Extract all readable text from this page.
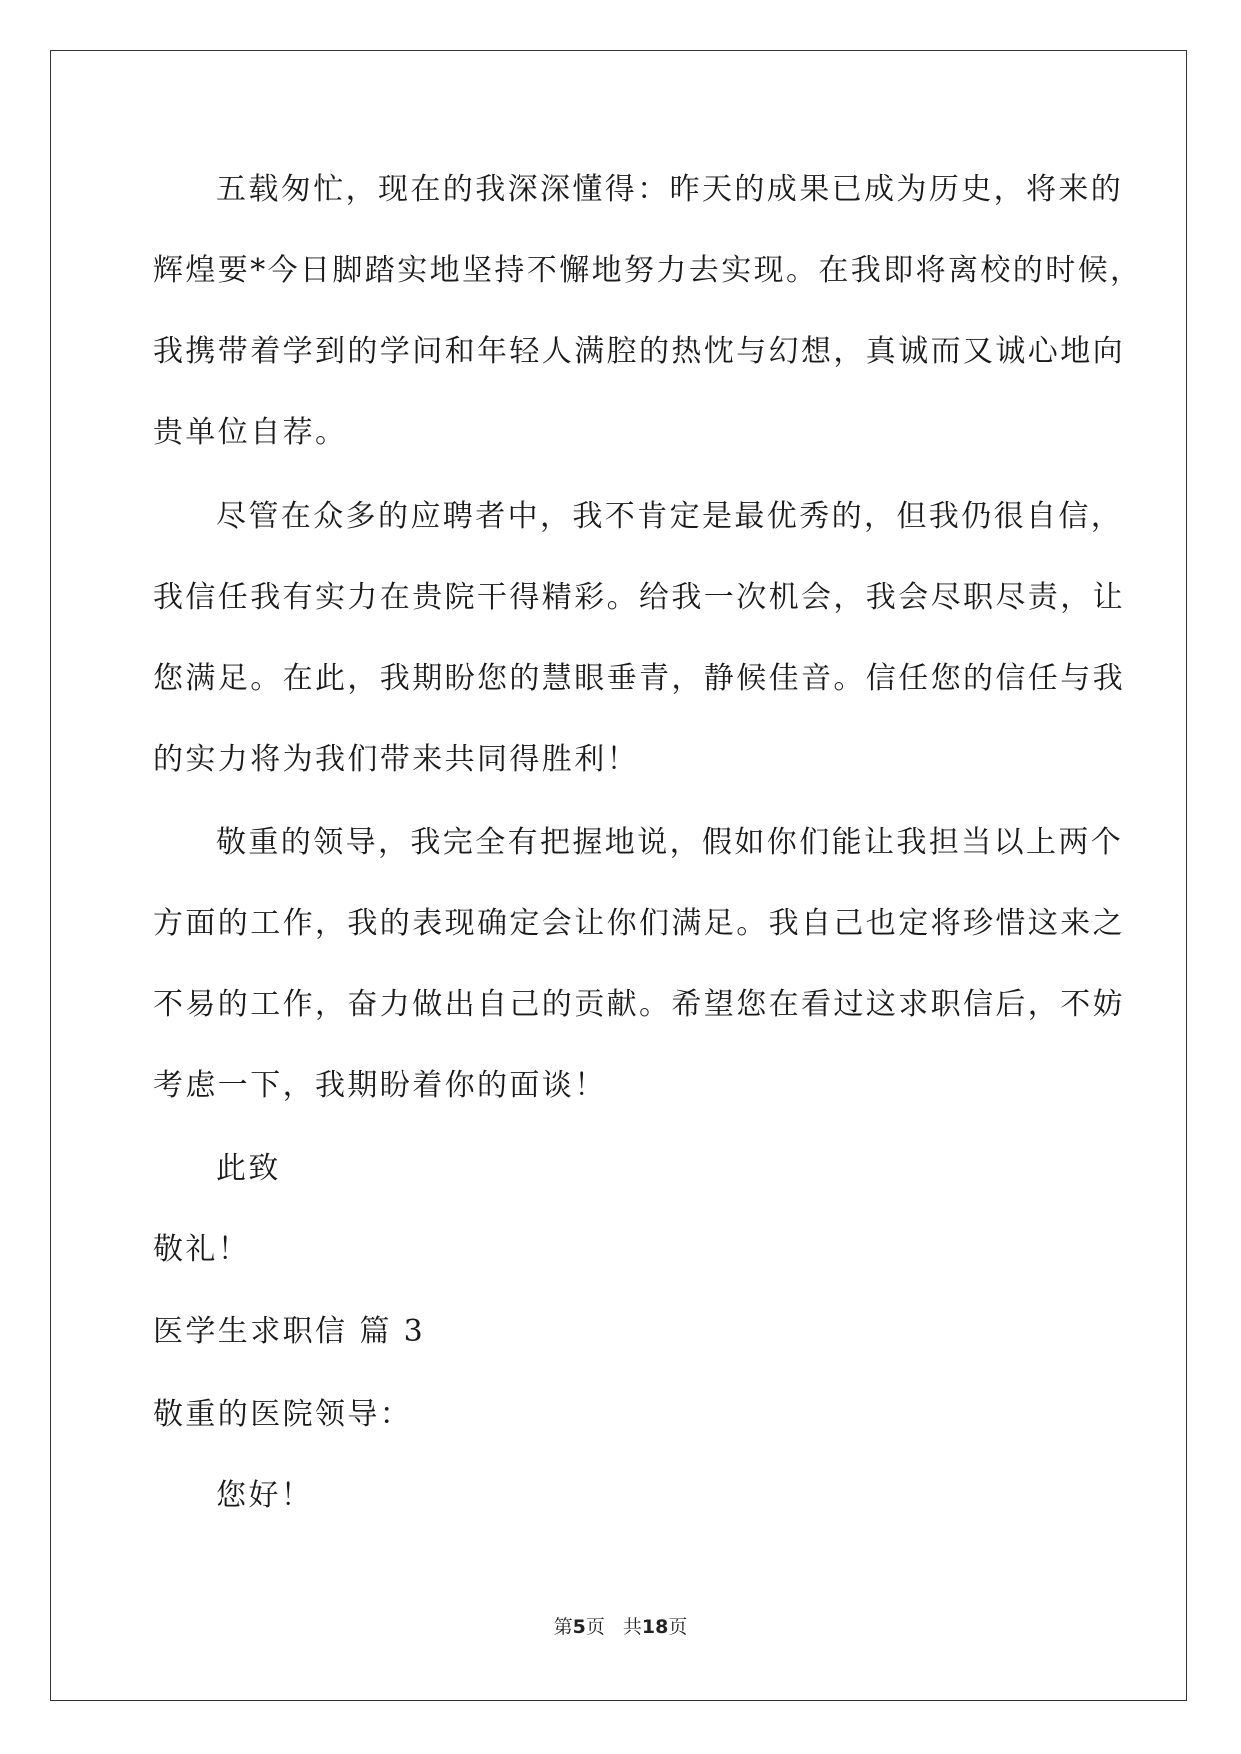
五载匆忙，现在的我深深懂得：昨天的成果已成为历史，将来的
辉煌要*今日脚踏实地坚持不懈地努力去实现。在我即将离校的时候，
我携带着学到的学问和年轻人满腔的热忱与幻想，真诚而又诚心地向
贵单位自荐。
尽管在众多的应聘者中，我不肯定是最优秀的，但我仍很自信，
我信任我有实力在贵院干得精彩。给我一次机会，我会尽职尽责，让
您满足。在此，我期盼您的慧眼垂青，静候佳音。信任您的信任与我
的实力将为我们带来共同得胜利！
敬重的领导，我完全有把握地说，假如你们能让我担当以上两个
方面的工作，我的表现确定会让你们满足。我自己也定将珍惜这来之
不易的工作，奋力做出自己的贡献。希望您在看过这求职信后，不妨
考虑一下，我期盼着你的面谈！
此致
敬礼！
医学生求职信 篇 3
敬重的医院领导：
您好！
第5页 共18页
